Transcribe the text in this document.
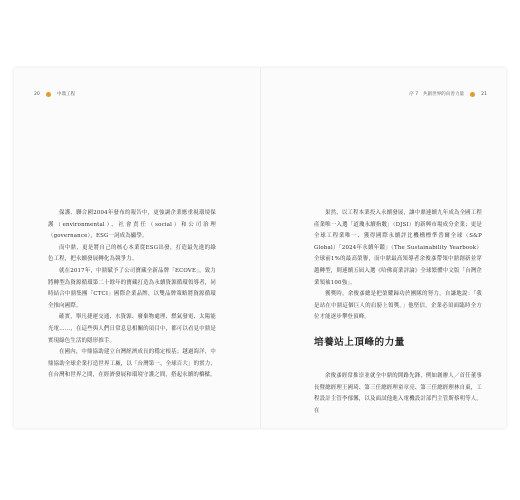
20	中鼎工程

保護、聯合國2004年發布的報告中，更強調企業應重視環境保護（environmental）、社會責任（social）和公司治理（governance），ESG一詞成為顯學。

而中鼎，更是將自己的核心本業從ESG出發，打造最先進的綠色工程，把永續發展轉化為競爭力。

就在2017年，中鼎賦予了公司寶藏全新品牌「ECOVE」，致力將轉型為資源循環第二十餘年的寶藏打造為永續資源循環領導者，同時結合中鼎集團「CTCI」國際企業品牌，以雙品牌策略將資源循環全推向國際。

確實，舉凡捷運交通、水資源、廢棄物處理、燃氣發電、太陽能光電……，在這些與人們日常息息相關的項目中，都可以看見中鼎是實現綠色生活的隱形推手。

在國內，中鼎協助建立台灣經濟成長的穩定根基；越過海洋，中鼎協助全球企業打造世界工廠，以「台灣第一、全球百大」的實力，在台灣和世界之間，在經濟發展和環境守護之間，搭起永續的橋樑。

序 7　共創世界的向善力量	21

果然，以工程本業投入永續發展，讓中鼎連續九年成為全國工程產業唯一入選「道瓊永續指數」（DJSI）的新興市場成分企業；更是全球工程業唯一、獲得國際永續評比機構標準普爾全球（S&P Global）「2024年永續年鑑」（The Sustainability Yearbook）全球前1%的最高榮譽，而中鼎最高領導者余俊彥帶領中鼎創新並穿越轉型，則連續五屆入選《哈佛商業評論》全球繁體中文版「台灣企業領袖100強」。

獲獎時，余俊彥總是把榮耀歸功於團隊的努力，自謙地說：「我是站在中鼎這個巨人的肩膀上領獎。」他堅信，企業必須面臨時全方位才能逐步攀登頂峰。

培養站上頂峰的力量

余俊彥經常推崇並就全中鼎的開路先鋒，例如創辦人／首任董事長暨總經理王國琦、第三任總經理童章亮、第三任總經理林自東，工程設計主管李郁馨，以及面試他進入電機設計部門主管斯蔡明等人。在
